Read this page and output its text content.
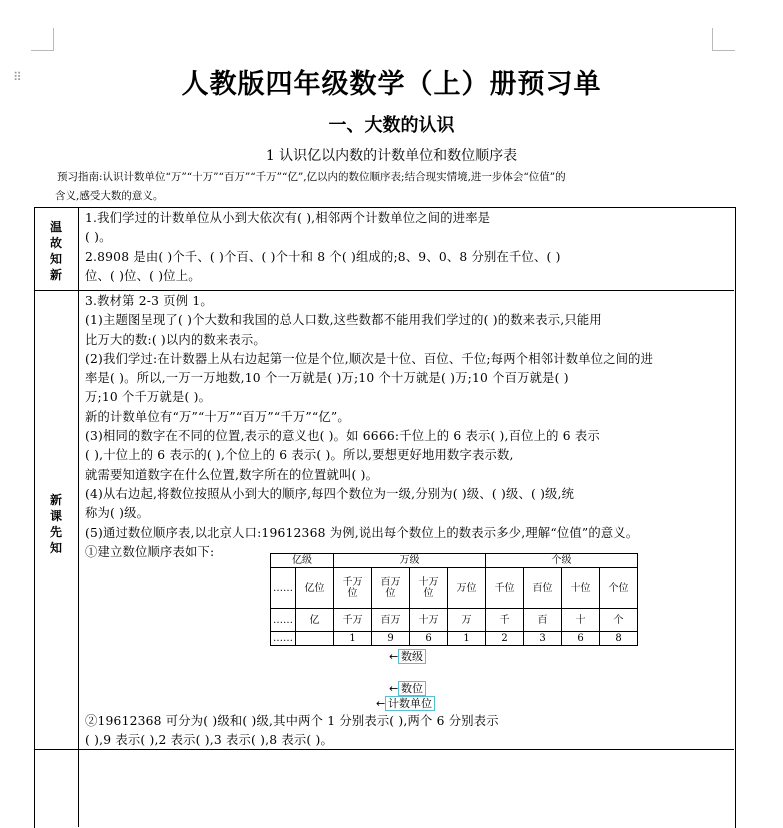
⠿	人教版四年级数学（上）册预习单
一、大数的认识
1 认识亿以内数的计数单位和数位顺序表
预习指南:认识计数单位“万”“十万”“百万”“千万”“亿”,亿以内的数位顺序表;结合现实情境,进一步体会“位值”的
含义,感受大数的意义。
温
故
知
新

1.我们学过的计数单位从小到大依次有( ),相邻两个计数单位之间的进率是

( )。

2.8908 是由( )个千、( )个百、( )个十和 8 个( )组成的;8、9、0、8 分别在千位、( )

位、( )位、( )位上。

新
课
先
知

3.教材第 2-3 页例 1。

(1)主题图呈现了( )个大数和我国的总人口数,这些数都不能用我们学过的( )的数来表示,只能用

比万大的数:( )以内的数来表示。

(2)我们学过:在计数器上从右边起第一位是个位,顺次是十位、百位、千位;每两个相邻计数单位之间的进

率是( )。所以,一万一万地数,10 个一万就是( )万;10 个十万就是( )万;10 个百万就是( )

万;10 个千万就是( )。

新的计数单位有“万”“十万”“百万”“千万”“亿”。

(3)相同的数字在不同的位置,表示的意义也( )。如 6666:千位上的 6 表示( ),百位上的 6 表示

( ),十位上的 6 表示的( ),个位上的 6 表示( )。所以,要想更好地用数字表示数,

就需要知道数字在什么位置,数字所在的位置就叫( )。

(4)从右边起,将数位按照从小到大的顺序,每四个数位为一级,分别为( )级、( )级、( )级,统

称为( )级。

(5)通过数位顺序表,以北京人口:19612368 为例,说出每个数位上的数表示多少,理解“位值”的意义。

①建立数位顺序表如下:

亿级		万级				个级			
……	亿位	千万位	百万位	十万位	万位	千位	百位	十位	个位
……	亿	千万	百万	十万	万	千	百	十	个
……		1	9	6	1	2	3	6	8
← 数级
← 数位
← 计数单位

②19612368 可分为( )级和( )级,其中两个 1 分别表示( ),两个 6 分别表示

( ),9 表示( ),2 表示( ),3 表示( ),8 表示( )。
